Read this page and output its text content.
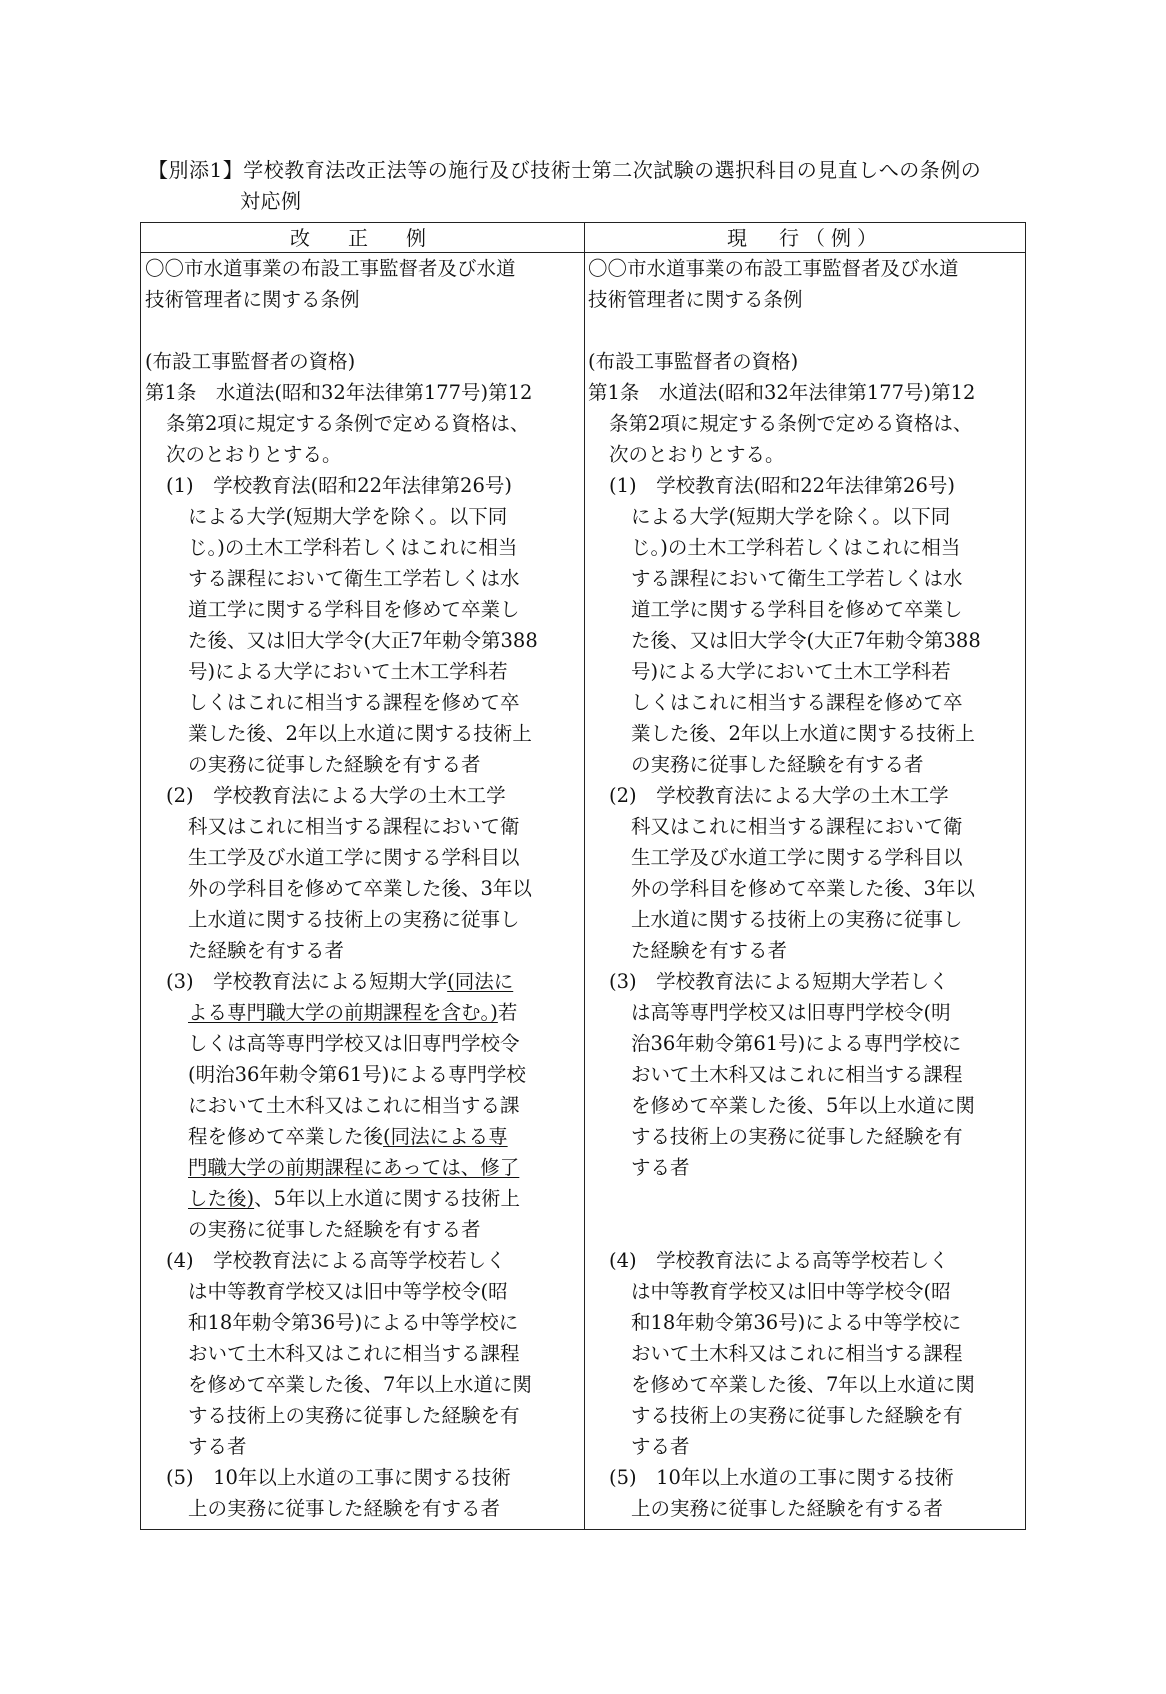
【別添1】学校教育法改正法等の施行及び技術士第二次試験の選択科目の見直しへの条例の
対応例
改　正　例	現　行（例）
〇〇市水道事業の布設工事監督者及び水道
技術管理者に関する条例
(布設工事監督者の資格)
第1条　水道法(昭和32年法律第177号)第12
条第2項に規定する条例で定める資格は、
次のとおりとする。
(1)　学校教育法(昭和22年法律第26号)
による大学(短期大学を除く。以下同
じ。)の土木工学科若しくはこれに相当
する課程において衛生工学若しくは水
道工学に関する学科目を修めて卒業し
た後、又は旧大学令(大正7年勅令第388
号)による大学において土木工学科若
しくはこれに相当する課程を修めて卒
業した後、2年以上水道に関する技術上
の実務に従事した経験を有する者
(2)　学校教育法による大学の土木工学
科又はこれに相当する課程において衛
生工学及び水道工学に関する学科目以
外の学科目を修めて卒業した後、3年以
上水道に関する技術上の実務に従事し
た経験を有する者
(3)　学校教育法による短期大学(同法に
よる専門職大学の前期課程を含む。)若
しくは高等専門学校又は旧専門学校令
(明治36年勅令第61号)による専門学校
において土木科又はこれに相当する課
程を修めて卒業した後(同法による専
門職大学の前期課程にあっては、修了
した後)、5年以上水道に関する技術上
の実務に従事した経験を有する者
(4)　学校教育法による高等学校若しく
は中等教育学校又は旧中等学校令(昭
和18年勅令第36号)による中等学校に
おいて土木科又はこれに相当する課程
を修めて卒業した後、7年以上水道に関
する技術上の実務に従事した経験を有
する者
(5)　10年以上水道の工事に関する技術
上の実務に従事した経験を有する者
〇〇市水道事業の布設工事監督者及び水道
技術管理者に関する条例
(布設工事監督者の資格)
第1条　水道法(昭和32年法律第177号)第12
条第2項に規定する条例で定める資格は、
次のとおりとする。
(1)　学校教育法(昭和22年法律第26号)
による大学(短期大学を除く。以下同
じ。)の土木工学科若しくはこれに相当
する課程において衛生工学若しくは水
道工学に関する学科目を修めて卒業し
た後、又は旧大学令(大正7年勅令第388
号)による大学において土木工学科若
しくはこれに相当する課程を修めて卒
業した後、2年以上水道に関する技術上
の実務に従事した経験を有する者
(2)　学校教育法による大学の土木工学
科又はこれに相当する課程において衛
生工学及び水道工学に関する学科目以
外の学科目を修めて卒業した後、3年以
上水道に関する技術上の実務に従事し
た経験を有する者
(3)　学校教育法による短期大学若しく
は高等専門学校又は旧専門学校令(明
治36年勅令第61号)による専門学校に
おいて土木科又はこれに相当する課程
を修めて卒業した後、5年以上水道に関
する技術上の実務に従事した経験を有
する者
(4)　学校教育法による高等学校若しく
は中等教育学校又は旧中等学校令(昭
和18年勅令第36号)による中等学校に
おいて土木科又はこれに相当する課程
を修めて卒業した後、7年以上水道に関
する技術上の実務に従事した経験を有
する者
(5)　10年以上水道の工事に関する技術
上の実務に従事した経験を有する者
